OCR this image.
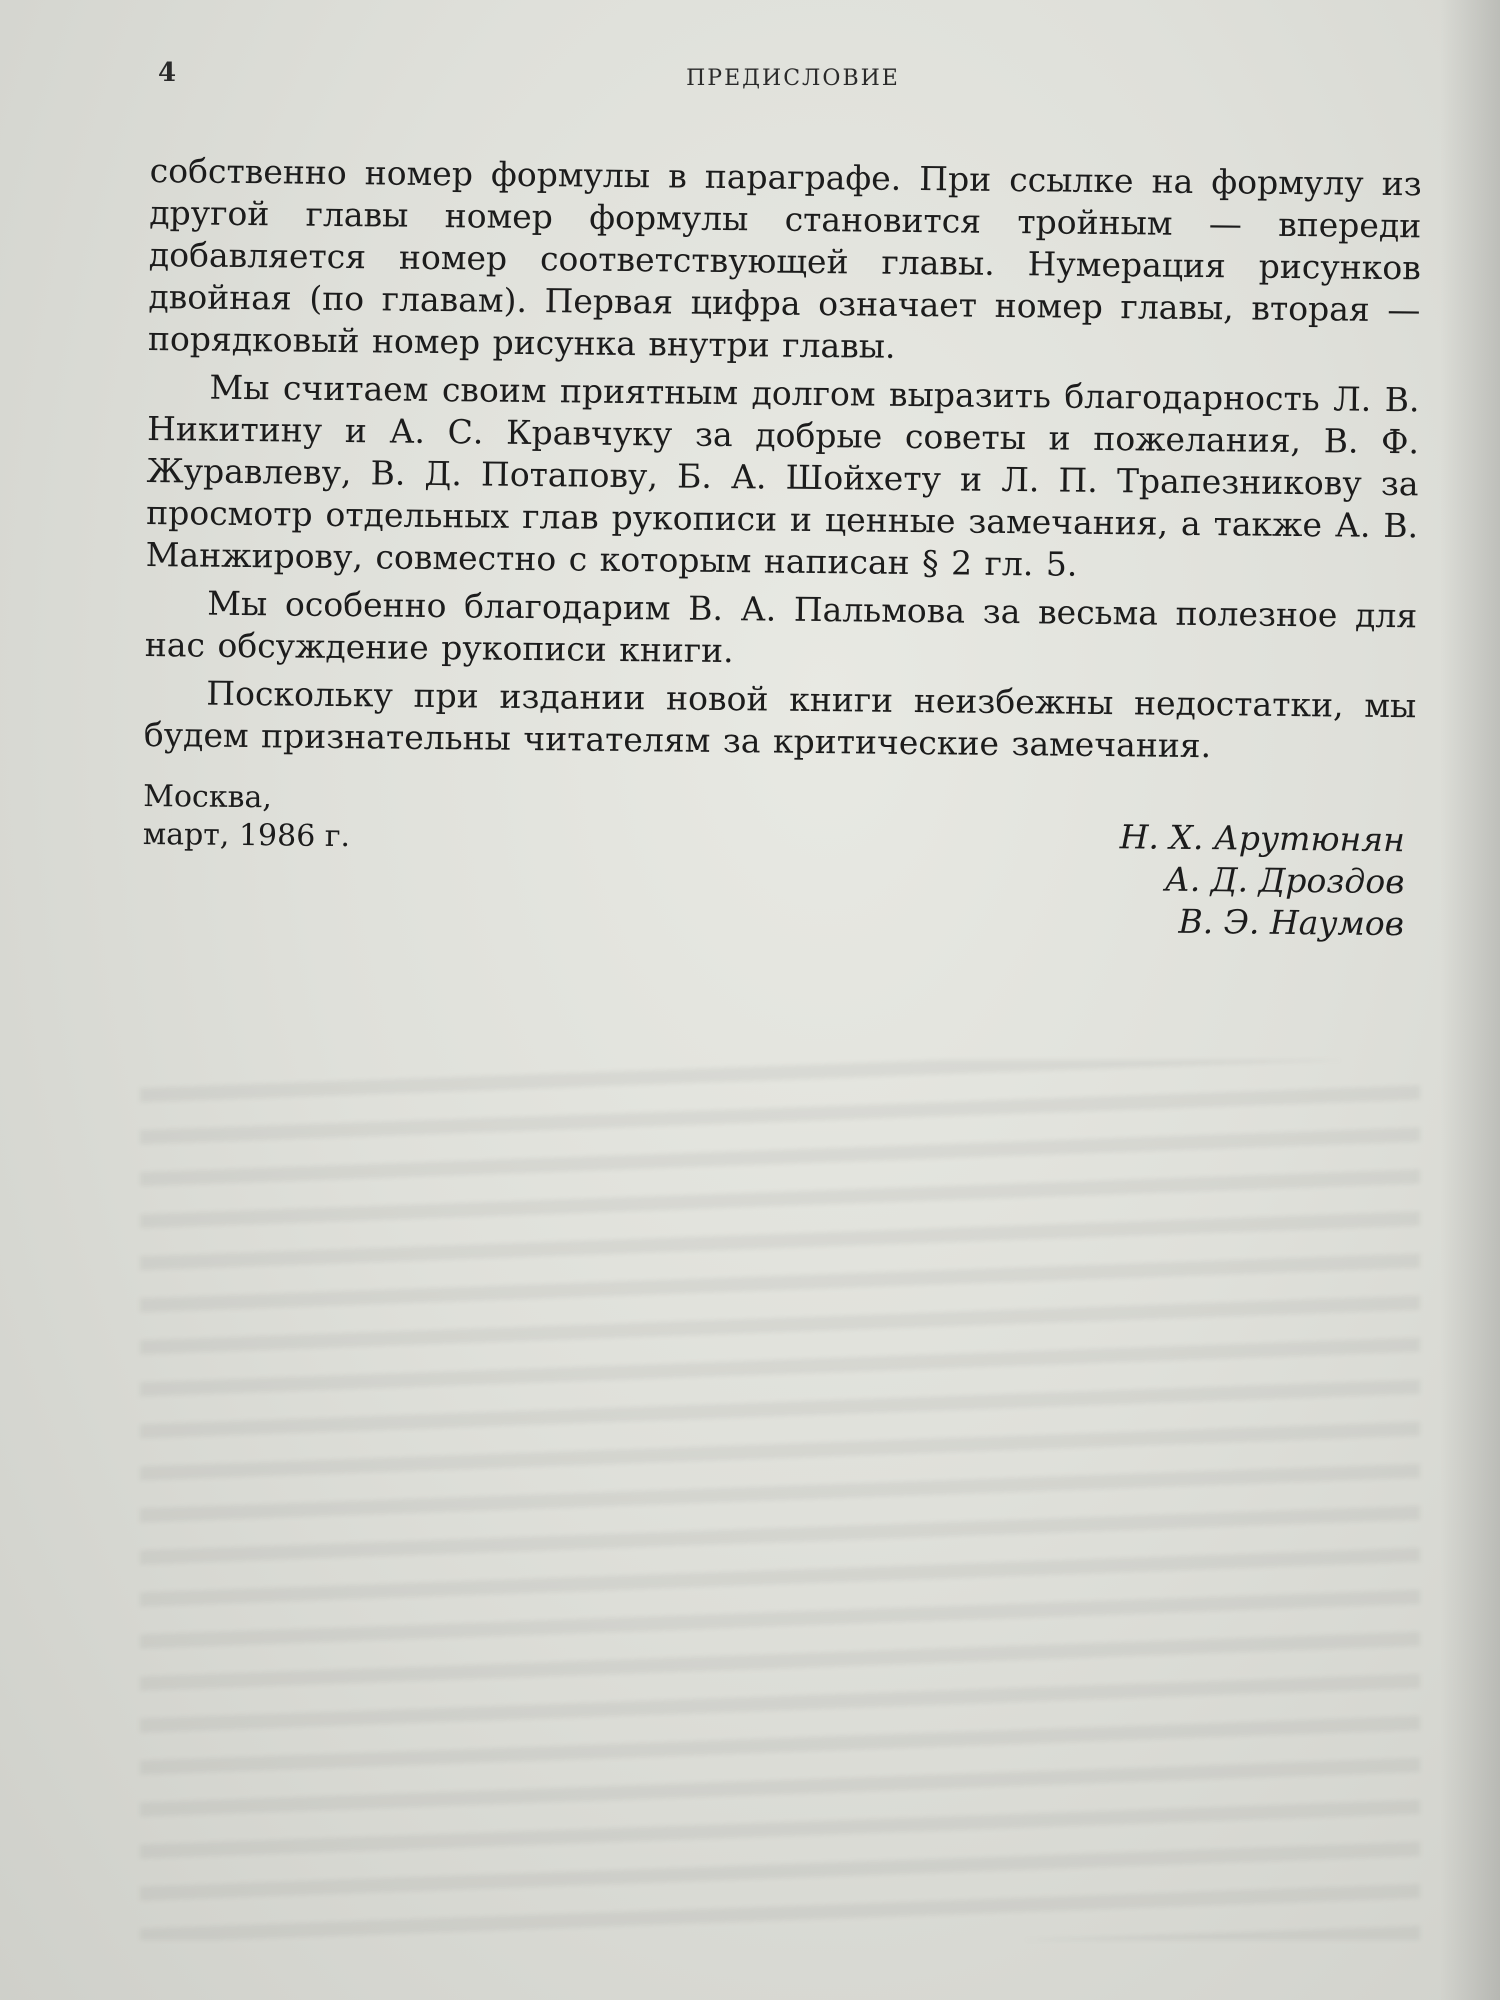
4	ПРЕДИСЛОВИЕ

собственно номер формулы в параграфе. При ссылке на формулу из другой главы номер формулы становится тройным — впереди добавляется номер соответствующей главы. Нумерация рисунков двойная (по главам). Первая цифра означает номер главы, вторая — порядковый номер рисунка внутри главы.

Мы считаем своим приятным долгом выразить благодарность Л. В. Никитину и А. С. Кравчуку за добрые советы и пожелания, В. Ф. Журавлеву, В. Д. Потапову, Б. А. Шойхету и Л. П. Трапезникову за просмотр отдельных глав рукописи и ценные замечания, а также А. В. Манжирову, совместно с которым написан § 2 гл. 5.

Мы особенно благодарим В. А. Пальмова за весьма полезное для нас обсуждение рукописи книги.

Поскольку при издании новой книги неизбежны недостатки, мы будем признательны читателям за критические замечания.

Москва,
март, 1986 г.	Н. Х. Арутюнян
А. Д. Дроздов
В. Э. Наумов
